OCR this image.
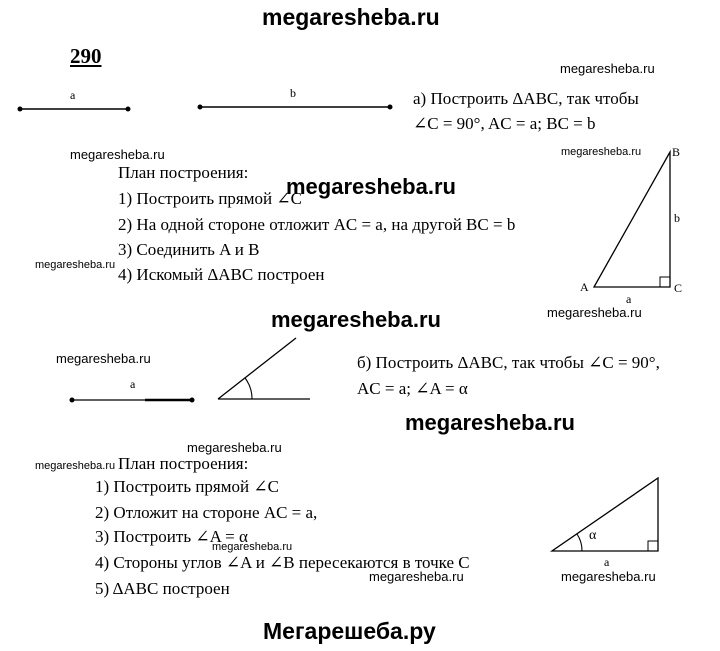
megaresheba.ru
290
a	b	а) Построить ΔABC, так чтобы
∠C = 90°, AC = a; BC = b
План построения:
1) Построить прямой ∠C
2) На одной стороне отложит AC = a, на другой BC = b
3) Соединить A и B
4) Искомый ΔABC построен
A
B
C
a
b
a
б) Построить ΔABC, так чтобы ∠C = 90°,
AC = a; ∠A = α
План построения:
1) Построить прямой ∠C
2) Отложит на стороне AC = a,
3) Построить ∠A = α
4) Стороны углов ∠A и ∠B пересекаются в точке C
5) ΔABC построен
α
a
megaresheba.ru
megaresheba.ru
megaresheba.ru
megaresheba.ru
megaresheba.ru	megaresheba.ru
megaresheba.ru
megaresheba.ru
megaresheba.ru
megaresheba.ru
megaresheba.ru
megaresheba.ru
megaresheba.ru	megaresheba.ru
Мегарешеба.ру
